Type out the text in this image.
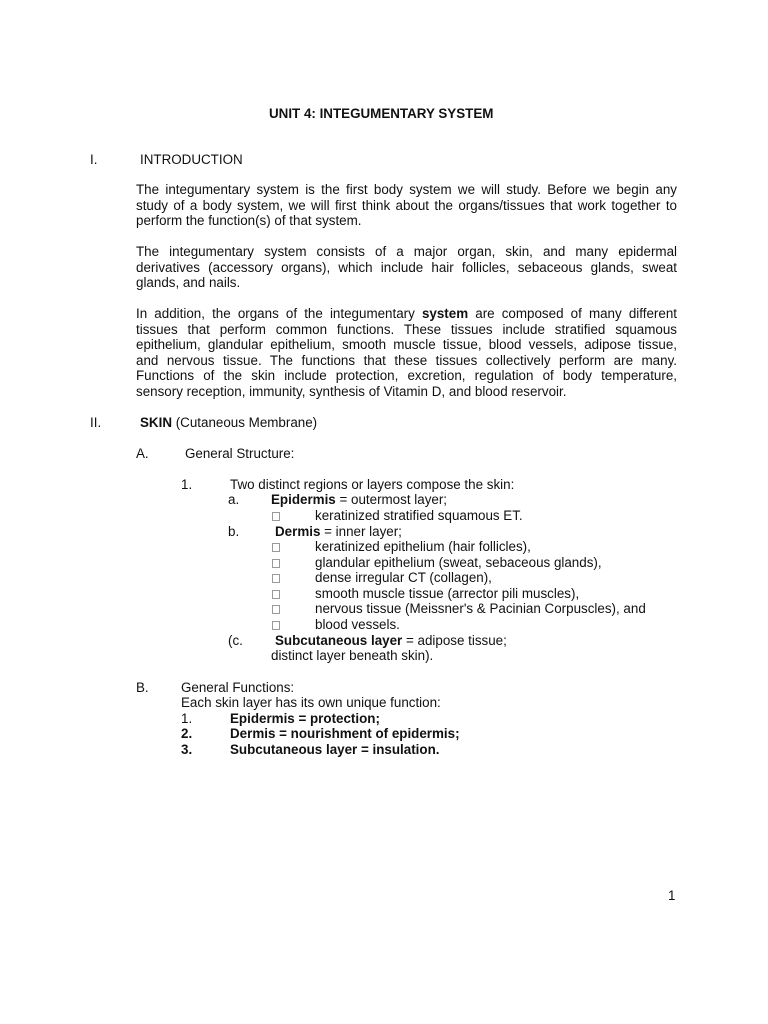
UNIT 4: INTEGUMENTARY SYSTEM
I.	INTRODUCTION
The integumentary system is the first body system we will study. Before we begin any
study of a body system, we will first think about the organs/tissues that work together to
perform the function(s) of that system.
The integumentary system consists of a major organ, skin, and many epidermal
derivatives (accessory organs), which include hair follicles, sebaceous glands, sweat
glands, and nails.
In addition, the organs of the integumentary system are composed of many different
tissues that perform common functions. These tissues include stratified squamous
epithelium, glandular epithelium, smooth muscle tissue, blood vessels, adipose tissue,
and nervous tissue. The functions that these tissues collectively perform are many.
Functions of the skin include protection, excretion, regulation of body temperature,
sensory reception, immunity, synthesis of Vitamin D, and blood reservoir.
II.	SKIN (Cutaneous Membrane)
A.	General Structure:
1.	Two distinct regions or layers compose the skin:
a. Epidermis = outermost layer;
keratinized stratified squamous ET.
b.	Dermis = inner layer;
keratinized epithelium (hair follicles),
glandular epithelium (sweat, sebaceous glands),
dense irregular CT (collagen),
smooth muscle tissue (arrector pili muscles),
nervous tissue (Meissner's & Pacinian Corpuscles), and
blood vessels.
(c. Subcutaneous layer = adipose tissue;
distinct layer beneath skin).
B. General Functions:
Each skin layer has its own unique function:
1.	Epidermis = protection;
2.	Dermis = nourishment of epidermis;
3.	Subcutaneous layer = insulation.
1
